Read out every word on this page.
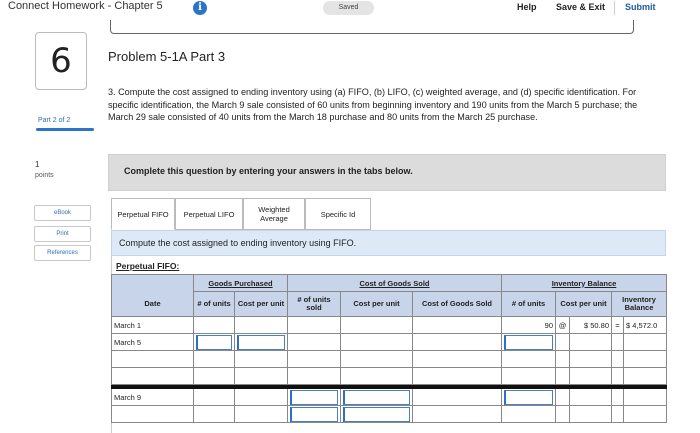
Connect Homework - Chapter 5	i	Saved	Help Save & Exit Submit
6
Part 2 of 2
1
points
eBook
Print
References
Problem 5-1A Part 3
3. Compute the cost assigned to ending inventory using (a) FIFO, (b) LIFO, (c) weighted average, and (d) specific identification. For specific identification, the March 9 sale consisted of 60 units from beginning inventory and 190 units from the March 5 purchase; the March 29 sale consisted of 40 units from the March 18 purchase and 80 units from the March 25 purchase.
Complete this question by entering your answers in the tabs below.
Perpetual FIFO	Perpetual LIFO	Weighted Average	Specific Id
Compute the cost assigned to ending inventory using FIFO.
Perpetual FIFO:
	Goods Purchased		Cost of Goods Sold			Inventory Balance				
Date	# of units	Cost per unit	# of units sold	Cost per unit	Cost of Goods Sold	# of units	Cost per unit		Inventory Balance	
March 1						90	@	$ 50.80	=	$ 4,572.0
March 5	

March 9			
